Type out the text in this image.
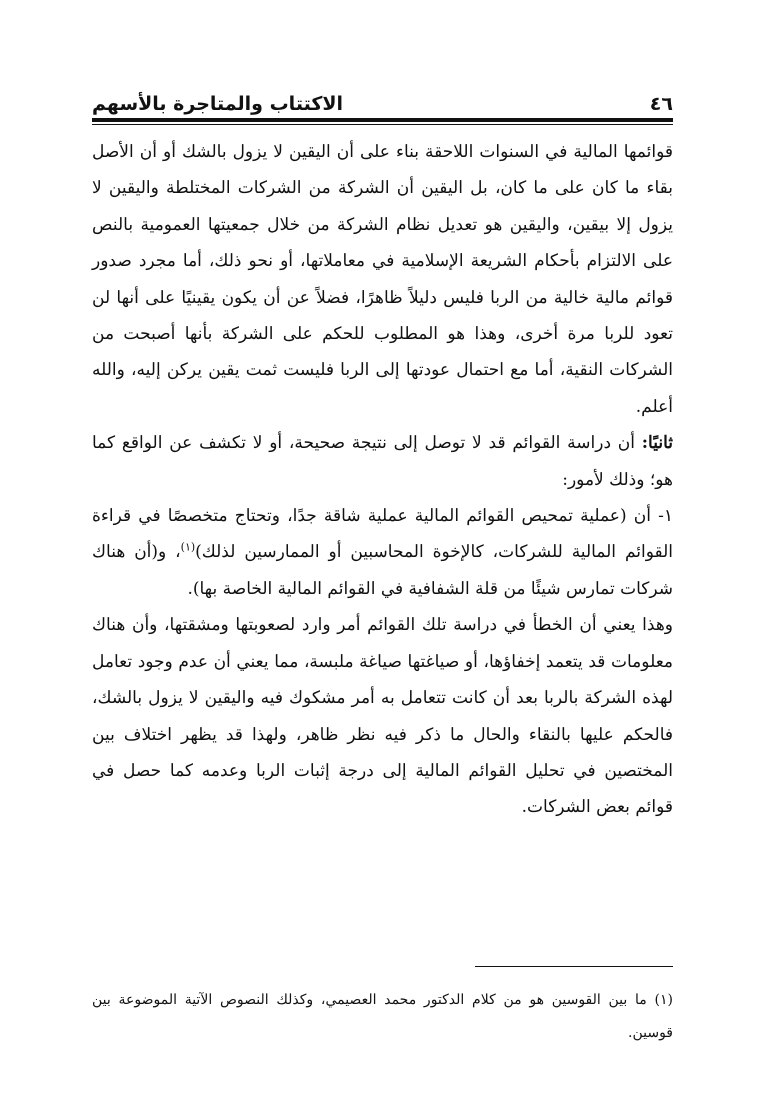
٤٦
الاكتتاب والمتاجرة بالأسهم

قوائمها المالية في السنوات اللاحقة بناء على أن اليقين لا يزول بالشك أو أن الأصل بقاء ما كان على ما كان، بل اليقين أن الشركة من الشركات المختلطة واليقين لا يزول إلا بيقين، واليقين هو تعديل نظام الشركة من خلال جمعيتها العمومية بالنص على الالتزام بأحكام الشريعة الإسلامية في معاملاتها، أو نحو ذلك، أما مجرد صدور قوائم مالية خالية من الربا فليس دليلاً ظاهرًا، فضلاً عن أن يكون يقينيًا على أنها لن تعود للربا مرة أخرى، وهذا هو المطلوب للحكم على الشركة بأنها أصبحت من الشركات النقية، أما مع احتمال عودتها إلى الربا فليست ثمت يقين يركن إليه، والله أعلم.

ثانيًا: أن دراسة القوائم قد لا توصل إلى نتيجة صحيحة، أو لا تكشف عن الواقع كما هو؛ وذلك لأمور:

١- أن (عملية تمحيص القوائم المالية عملية شاقة جدًا، وتحتاج متخصصًا في قراءة القوائم المالية للشركات، كالإخوة المحاسبين أو الممارسين لذلك)$^{(١)}$، و(أن هناك شركات تمارس شيئًا من قلة الشفافية في القوائم المالية الخاصة بها).

وهذا يعني أن الخطأ في دراسة تلك القوائم أمر وارد لصعوبتها ومشقتها، وأن هناك معلومات قد يتعمد إخفاؤها، أو صياغتها صياغة ملبسة، مما يعني أن عدم وجود تعامل لهذه الشركة بالربا بعد أن كانت تتعامل به أمر مشكوك فيه واليقين لا يزول بالشك، فالحكم عليها بالنقاء والحال ما ذكر فيه نظر ظاهر، ولهذا قد يظهر اختلاف بين المختصين في تحليل القوائم المالية إلى درجة إثبات الربا وعدمه كما حصل في قوائم بعض الشركات.

(١) ما بين القوسين هو من كلام الدكتور محمد العصيمي، وكذلك النصوص الآتية الموضوعة بين قوسين.
